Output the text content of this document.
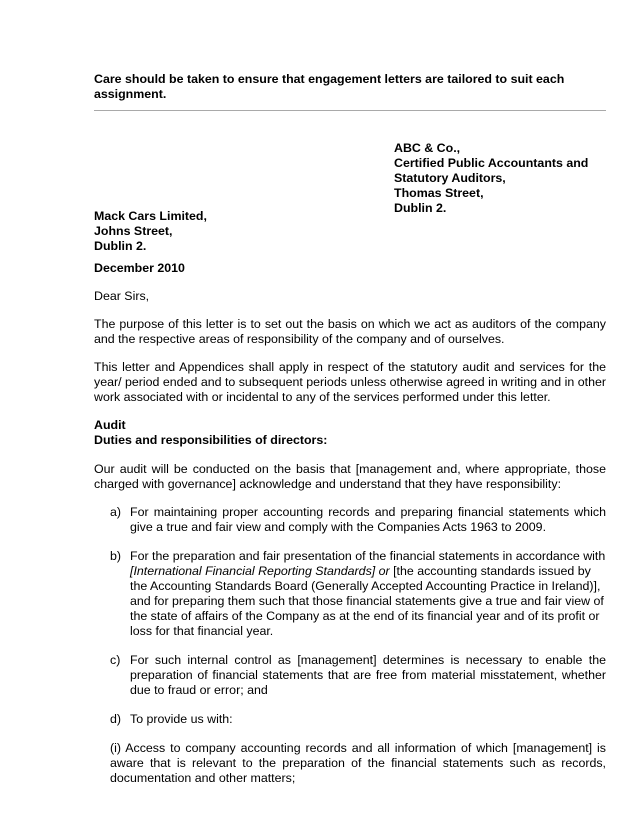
Care should be taken to ensure that engagement letters are tailored to suit each assignment.
ABC & Co.,
Certified Public Accountants and
Statutory Auditors,
Thomas Street,
Dublin 2.
Mack Cars Limited,
Johns Street,
Dublin 2.
December 2010

Dear Sirs,

The purpose of this letter is to set out the basis on which we act as auditors of the company and the respective areas of responsibility of the company and of ourselves.

This letter and Appendices shall apply in respect of the statutory audit and services for the year/ period ended and to subsequent periods unless otherwise agreed in writing and in other work associated with or incidental to any of the services performed under this letter.

Audit
Duties and responsibilities of directors:

Our audit will be conducted on the basis that [management and, where appropriate, those charged with governance] acknowledge and understand that they have responsibility:

a) For maintaining proper accounting records and preparing financial statements which give a true and fair view and comply with the Companies Acts 1963 to 2009.
b) For the preparation and fair presentation of the financial statements in accordance with [International Financial Reporting Standards] or [the accounting standards issued by the Accounting Standards Board (Generally Accepted Accounting Practice in Ireland)], and for preparing them such that those financial statements give a true and fair view of the state of affairs of the Company as at the end of its financial year and of its profit or loss for that financial year.
c) For such internal control as [management] determines is necessary to enable the preparation of financial statements that are free from material misstatement, whether due to fraud or error; and
d) To provide us with:

(i) Access to company accounting records and all information of which [management] is aware that is relevant to the preparation of the financial statements such as records, documentation and other matters;
